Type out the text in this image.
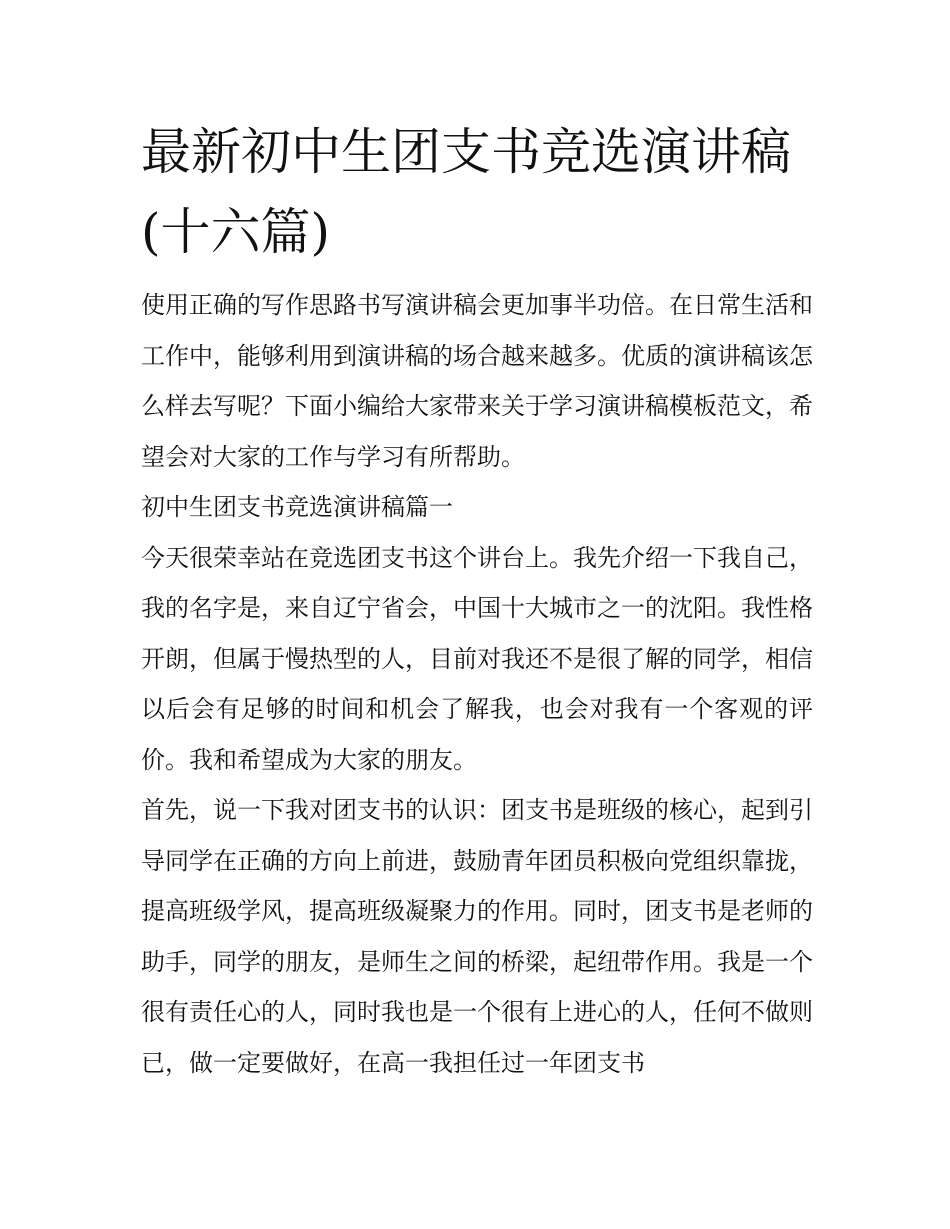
最新初中生团支书竞选演讲稿(十六篇)

使用正确的写作思路书写演讲稿会更加事半功倍。在日常生活和工作中，能够利用到演讲稿的场合越来越多。优质的演讲稿该怎么样去写呢？下面小编给大家带来关于学习演讲稿模板范文，希望会对大家的工作与学习有所帮助。

初中生团支书竞选演讲稿篇一

今天很荣幸站在竞选团支书这个讲台上。我先介绍一下我自己，我的名字是，来自辽宁省会，中国十大城市之一的沈阳。我性格开朗，但属于慢热型的人，目前对我还不是很了解的同学，相信以后会有足够的时间和机会了解我，也会对我有一个客观的评价。我和希望成为大家的朋友。

首先，说一下我对团支书的认识：团支书是班级的核心，起到引导同学在正确的方向上前进，鼓励青年团员积极向党组织靠拢，提高班级学风，提高班级凝聚力的作用。同时，团支书是老师的助手，同学的朋友，是师生之间的桥梁，起纽带作用。我是一个很有责任心的人，同时我也是一个很有上进心的人，任何不做则已，做一定要做好，在高一我担任过一年团支书
